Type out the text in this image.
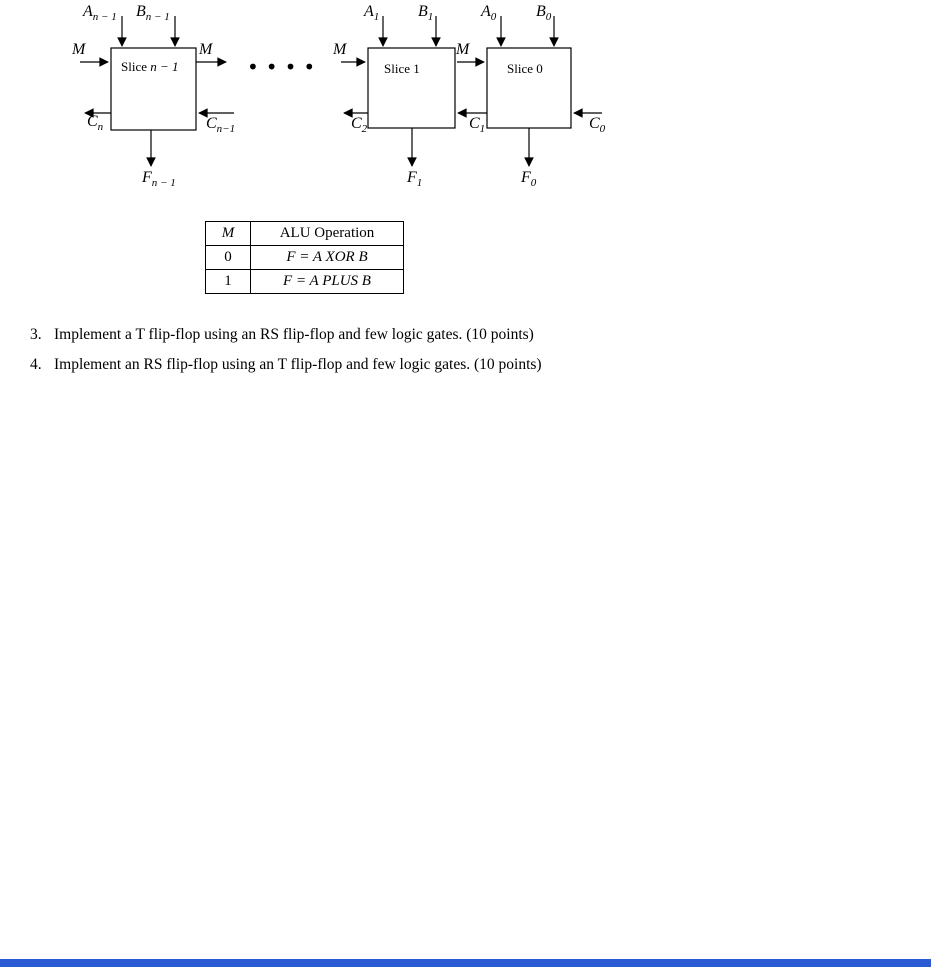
$A_{n - 1}$ $B_{n - 1}$
M	M
$C_n$	$C_{n-1}$
$F_{n - 1}$
Slice n − 1	••••
$A_1$ $B_1$
M
$C_2$
$F_1$
Slice 1
$A_0$ $B_0$
M
$C_1$	$C_0$
$F_0$
Slice 0
M	ALU Operation
0	F = A XOR B
1	F = A PLUS B
3. Implement a T flip-flop using an RS flip-flop and few logic gates. (10 points)
4. Implement an RS flip-flop using an T flip-flop and few logic gates. (10 points)
